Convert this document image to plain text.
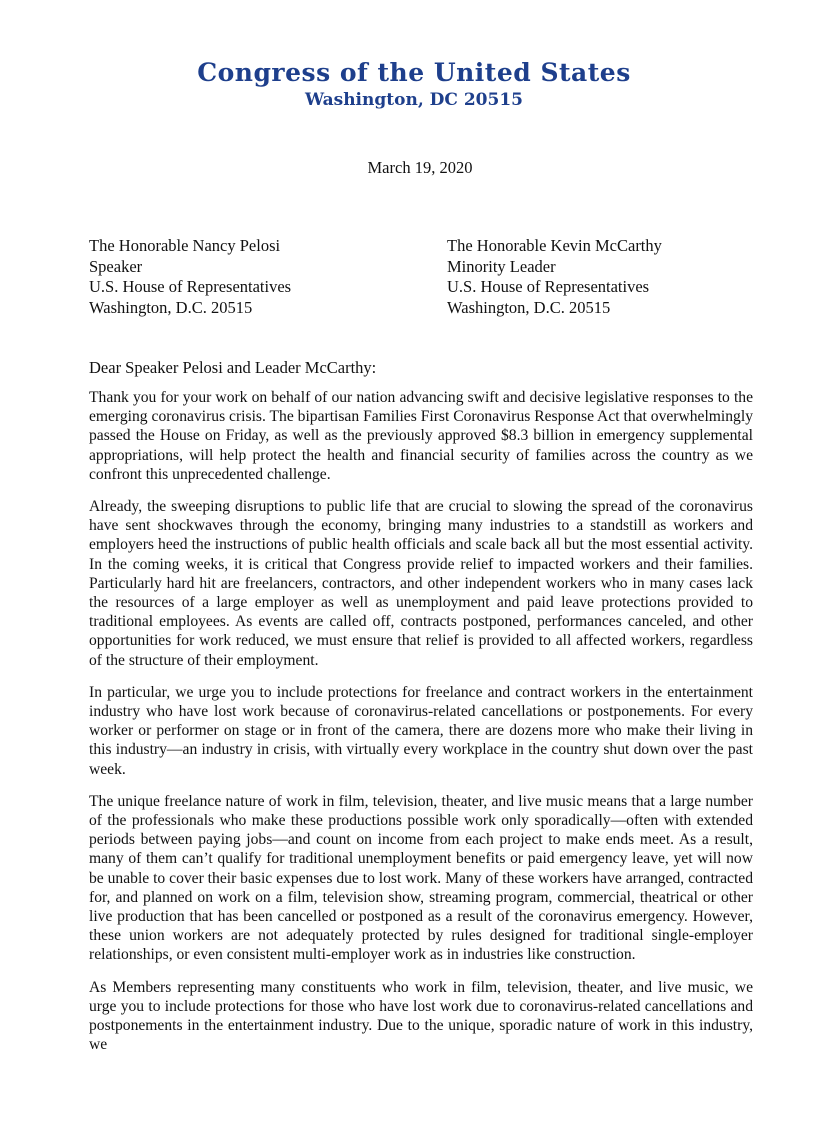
Congress of the United States
Washington, DC 20515
March 19, 2020
The Honorable Nancy Pelosi
Speaker
U.S. House of Representatives
Washington, D.C. 20515
The Honorable Kevin McCarthy
Minority Leader
U.S. House of Representatives
Washington, D.C. 20515
Dear Speaker Pelosi and Leader McCarthy:

Thank you for your work on behalf of our nation advancing swift and decisive legislative responses to the emerging coronavirus crisis. The bipartisan Families First Coronavirus Response Act that overwhelmingly passed the House on Friday, as well as the previously approved $8.3 billion in emergency supplemental appropriations, will help protect the health and financial security of families across the country as we confront this unprecedented challenge.

Already, the sweeping disruptions to public life that are crucial to slowing the spread of the coronavirus have sent shockwaves through the economy, bringing many industries to a standstill as workers and employers heed the instructions of public health officials and scale back all but the most essential activity. In the coming weeks, it is critical that Congress provide relief to impacted workers and their families. Particularly hard hit are freelancers, contractors, and other independent workers who in many cases lack the resources of a large employer as well as unemployment and paid leave protections provided to traditional employees. As events are called off, contracts postponed, performances canceled, and other opportunities for work reduced, we must ensure that relief is provided to all affected workers, regardless of the structure of their employment.

In particular, we urge you to include protections for freelance and contract workers in the entertainment industry who have lost work because of coronavirus-related cancellations or postponements. For every worker or performer on stage or in front of the camera, there are dozens more who make their living in this industry—an industry in crisis, with virtually every workplace in the country shut down over the past week.

The unique freelance nature of work in film, television, theater, and live music means that a large number of the professionals who make these productions possible work only sporadically—often with extended periods between paying jobs—and count on income from each project to make ends meet. As a result, many of them can’t qualify for traditional unemployment benefits or paid emergency leave, yet will now be unable to cover their basic expenses due to lost work. Many of these workers have arranged, contracted for, and planned on work on a film, television show, streaming program, commercial, theatrical or other live production that has been cancelled or postponed as a result of the coronavirus emergency. However, these union workers are not adequately protected by rules designed for traditional single-employer relationships, or even consistent multi-employer work as in industries like construction.

As Members representing many constituents who work in film, television, theater, and live music, we urge you to include protections for those who have lost work due to coronavirus-related cancellations and postponements in the entertainment industry. Due to the unique, sporadic nature of work in this industry, we
